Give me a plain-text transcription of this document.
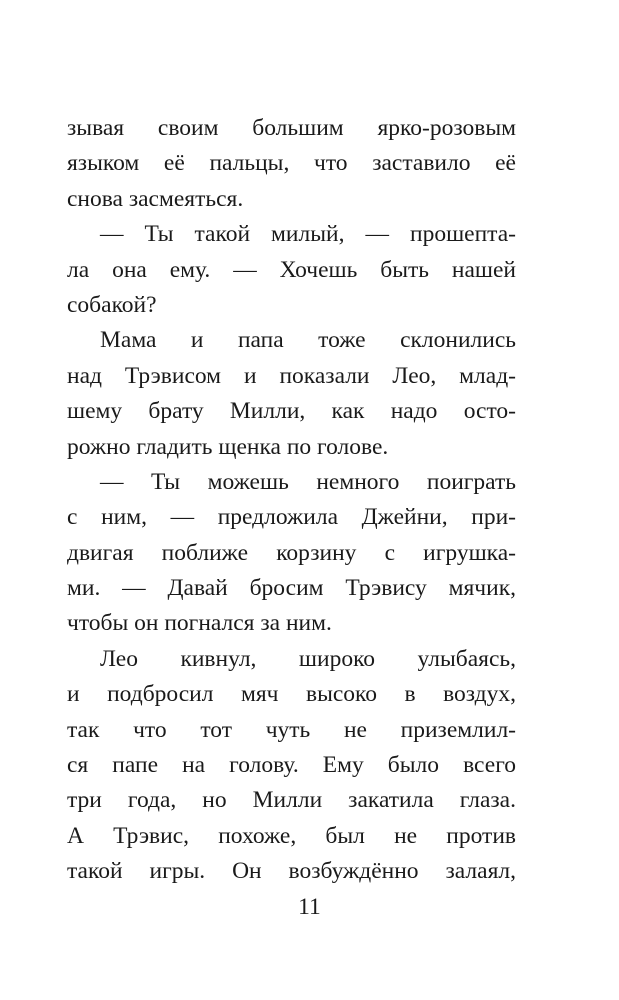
зывая своим большим ярко-розовым
языком её пальцы, что заставило её
снова засмеяться.
— Ты такой милый, — прошепта-
ла она ему. — Хочешь быть нашей
собакой?
Мама и папа тоже склонились
над Трэвисом и показали Лео, млад-
шему брату Милли, как надо осто-
рожно гладить щенка по голове.
— Ты можешь немного поиграть
с ним, — предложила Джейни, при-
двигая поближе корзину с игрушка-
ми. — Давай бросим Трэвису мячик,
чтобы он погнался за ним.
Лео кивнул, широко улыбаясь,
и подбросил мяч высоко в воздух,
так что тот чуть не приземлил-
ся папе на голову. Ему было всего
три года, но Милли закатила глаза.
А Трэвис, похоже, был не против
такой игры. Он возбуждённо залаял,
11
